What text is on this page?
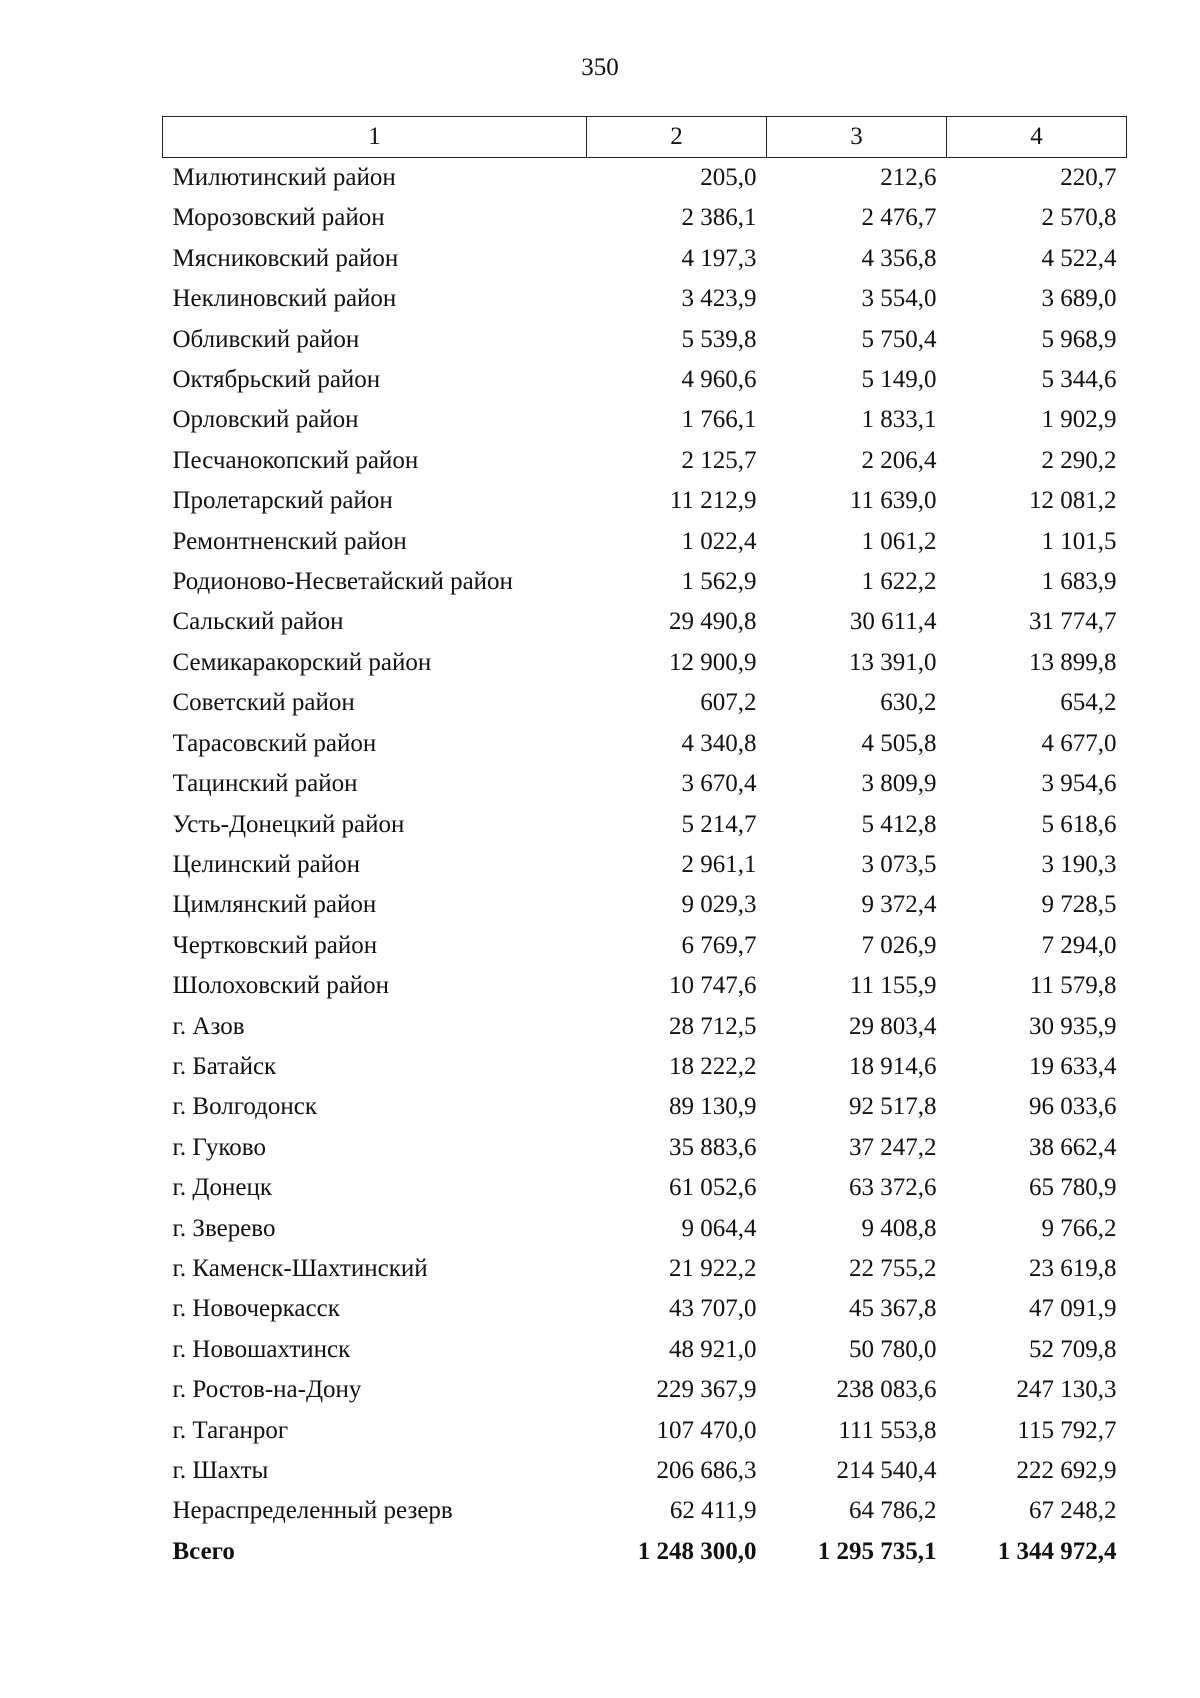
350
1	2	3	4
Милютинский район	205,0	212,6	220,7
Морозовский район	2 386,1	2 476,7	2 570,8
Мясниковский район	4 197,3	4 356,8	4 522,4
Неклиновский район	3 423,9	3 554,0	3 689,0
Обливский район	5 539,8	5 750,4	5 968,9
Октябрьский район	4 960,6	5 149,0	5 344,6
Орловский район	1 766,1	1 833,1	1 902,9
Песчанокопский район	2 125,7	2 206,4	2 290,2
Пролетарский район	11 212,9	11 639,0	12 081,2
Ремонтненский район	1 022,4	1 061,2	1 101,5
Родионово-Несветайский район	1 562,9	1 622,2	1 683,9
Сальский район	29 490,8	30 611,4	31 774,7
Семикаракорский район	12 900,9	13 391,0	13 899,8
Советский район	607,2	630,2	654,2
Тарасовский район	4 340,8	4 505,8	4 677,0
Тацинский район	3 670,4	3 809,9	3 954,6
Усть-Донецкий район	5 214,7	5 412,8	5 618,6
Целинский район	2 961,1	3 073,5	3 190,3
Цимлянский район	9 029,3	9 372,4	9 728,5
Чертковский район	6 769,7	7 026,9	7 294,0
Шолоховский район	10 747,6	11 155,9	11 579,8
г. Азов	28 712,5	29 803,4	30 935,9
г. Батайск	18 222,2	18 914,6	19 633,4
г. Волгодонск	89 130,9	92 517,8	96 033,6
г. Гуково	35 883,6	37 247,2	38 662,4
г. Донецк	61 052,6	63 372,6	65 780,9
г. Зверево	9 064,4	9 408,8	9 766,2
г. Каменск-Шахтинский	21 922,2	22 755,2	23 619,8
г. Новочеркасск	43 707,0	45 367,8	47 091,9
г. Новошахтинск	48 921,0	50 780,0	52 709,8
г. Ростов-на-Дону	229 367,9	238 083,6	247 130,3
г. Таганрог	107 470,0	111 553,8	115 792,7
г. Шахты	206 686,3	214 540,4	222 692,9
Нераспределенный резерв	62 411,9	64 786,2	67 248,2
Всего	1 248 300,0	1 295 735,1	1 344 972,4
